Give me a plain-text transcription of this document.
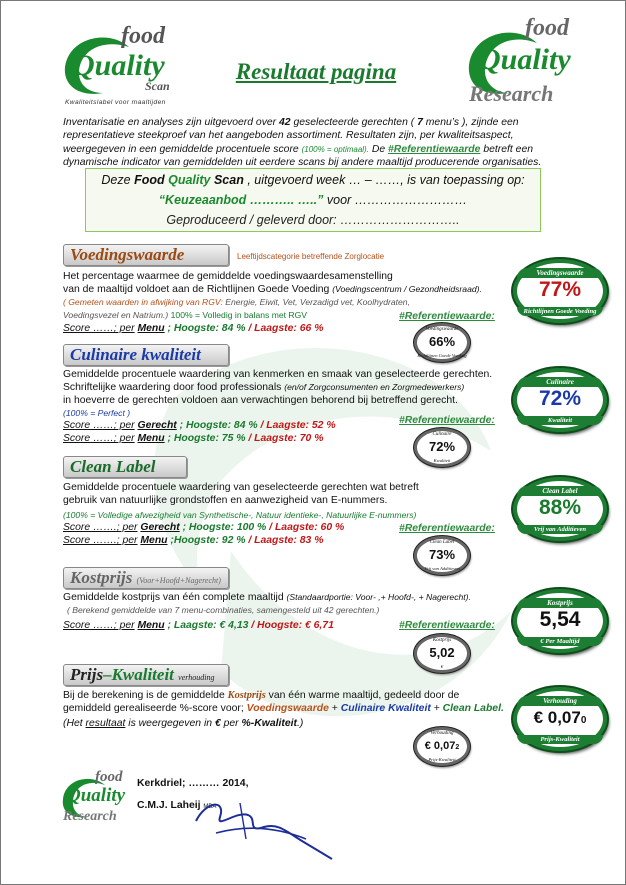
food
Quality
Scan
Kwaliteitslabel voor maaltijden
Resultaat pagina
food
Quality
Research
Inventarisatie en analyses zijn uitgevoerd over 42 geselecteerde gerechten ( 7 menu’s ), zijnde een representatieve steekproef van het aangeboden assortiment. Resultaten zijn, per kwaliteitsaspect, weergegeven in een gemiddelde procentuele score (100% = optimaal). De #Referentiewaarde betreft een dynamische indicator van gemiddelden uit eerdere scans bij andere maaltijd producerende organisaties.
Deze Food Quality Scan , uitgevoerd week … – ……, is van toepassing op:
“Keuzeaanbod ……….. …..” voor ………………………
Geproduceerd / geleverd door: ………………………..
Voedingswaarde	Leeftijdscategorie betreffende Zorglocatie
Het percentage waarmee de gemiddelde voedingswaardesamenstelling
van de maaltijd voldoet aan de Richtlijnen Goede Voeding (Voedingscentrum / Gezondheidsraad).
( Gemeten waarden in afwijking van RGV: Energie, Eiwit, Vet, Verzadigd vet, Koolhydraten,
Voedingsvezel en Natrium.) 100% = Volledig in balans met RGV
Score ……; per Menu ; Hoogste: 84 % / Laagste: 66 %
#Referentiewaarde:
Voedingswaarde
66%
Richtlijnen Goede Voeding
Voedingswaarde
77%
Richtlijnen Goede Voeding
Culinaire kwaliteit
Gemiddelde procentuele waardering van kenmerken en smaak van geselecteerde gerechten.
Schriftelijke waardering door food professionals (en/of Zorgconsumenten en Zorgmedewerkers)
in hoeverre de gerechten voldoen aan verwachtingen behorend bij betreffend gerecht.
(100% = Perfect )
Score ……; per Gerecht ; Hoogste: 84 % / Laagste: 52 %
Score ……; per Menu ; Hoogste: 75 % / Laagste: 70 %
#Referentiewaarde:
Culinaire
72%
Kwaliteit
Culinaire
72%
Kwaliteit
Clean Label
Gemiddelde procentuele waardering van geselecteerde gerechten wat betreft
gebruik van natuurlijke grondstoffen en aanwezigheid van E-nummers.
(100% = Volledige afwezigheid van Synthetische-, Natuur identieke-, Natuurlijke E-nummers)
Score …….; per Gerecht ; Hoogste: 100 % / Laagste: 60 %
Score …….; per Menu ;Hoogste: 92 % / Laagste: 83 %
#Referentiewaarde:
Clean Label
73%
Vrij van Additieven
Clean Label
88%
Vrij van Additieven
Kostprijs (Voor+Hoofd+Nagerecht)
Gemiddelde kostprijs van één complete maaltijd (Standaardportie: Voor- ,+ Hoofd-, + Nagerecht).
( Berekend gemiddelde van 7 menu-combinaties, samengesteld uit 42 gerechten.)
Score ……; per Menu ; Laagste: € 4,13 / Hoogste: € 6,71	#Referentiewaarde:
Kostprijs
5,02
€
Kostprijs
5,54
€ Per Maaltijd
Prijs–Kwaliteit verhouding
Bij de berekening is de gemiddelde Kostprijs van één warme maaltijd, gedeeld door de
gemiddeld gerealiseerde %-score voor; Voedingswaarde + Culinaire Kwaliteit + Clean Label.
(Het resultaat is weergegeven in € per %-Kwaliteit.)
Verhouding
€ 0,072
Prijs-Kwaliteit
Verhouding
€ 0,070
Prijs-Kwaliteit
food
Quality
Research
Kerkdriel; ……… 2014,
C.M.J. Laheij MBA
